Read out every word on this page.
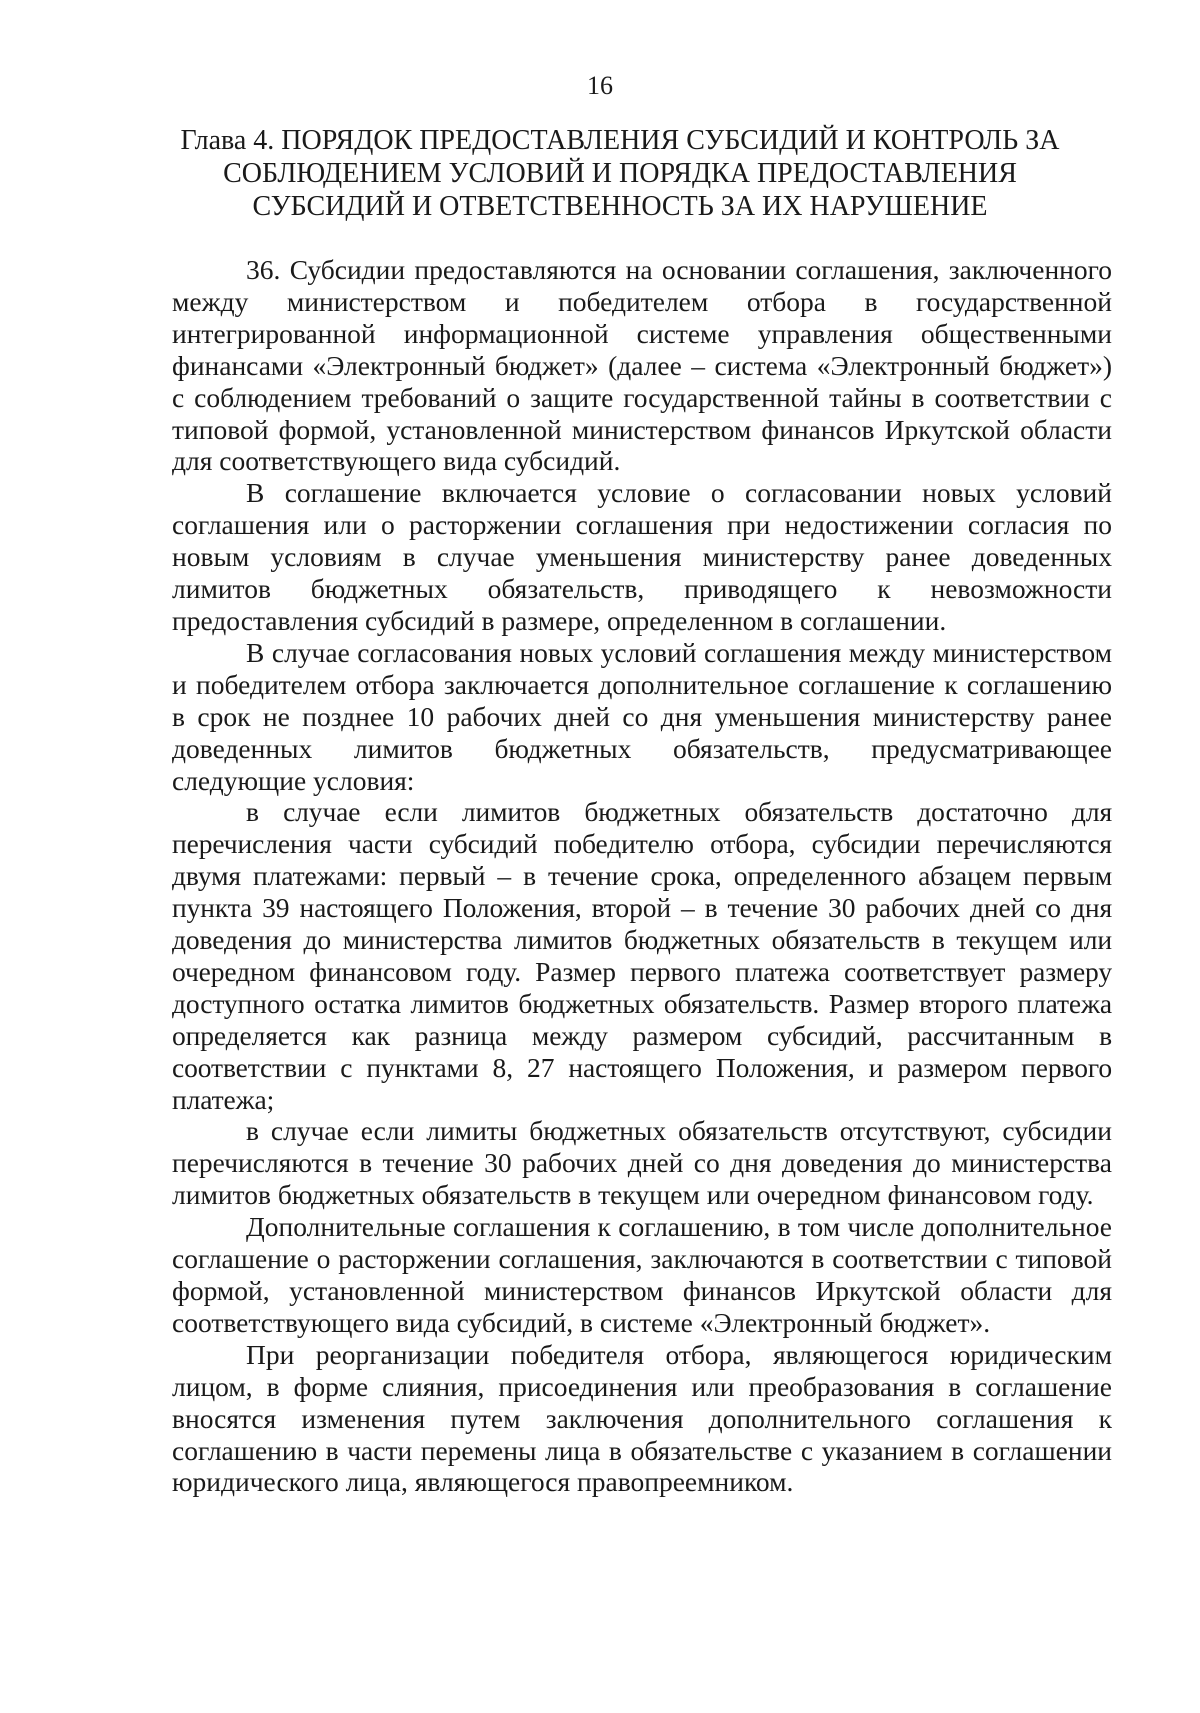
16
Глава 4. ПОРЯДОК ПРЕДОСТАВЛЕНИЯ СУБСИДИЙ И КОНТРОЛЬ ЗА
СОБЛЮДЕНИЕМ УСЛОВИЙ И ПОРЯДКА ПРЕДОСТАВЛЕНИЯ
СУБСИДИЙ И ОТВЕТСТВЕННОСТЬ ЗА ИХ НАРУШЕНИЕ

36. Субсидии предоставляются на основании соглашения, заключенного между министерством и победителем отбора в государственной интегрированной информационной системе управления общественными финансами «Электронный бюджет» (далее – система «Электронный бюджет») с соблюдением требований о защите государственной тайны в соответствии с типовой формой, установленной министерством финансов Иркутской области для соответствующего вида субсидий.

В соглашение включается условие о согласовании новых условий соглашения или о расторжении соглашения при недостижении согласия по новым условиям в случае уменьшения министерству ранее доведенных лимитов бюджетных обязательств, приводящего к невозможности предоставления субсидий в размере, определенном в соглашении.

В случае согласования новых условий соглашения между министерством и победителем отбора заключается дополнительное соглашение к соглашению в срок не позднее 10 рабочих дней со дня уменьшения министерству ранее доведенных лимитов бюджетных обязательств, предусматривающее следующие условия:

в случае если лимитов бюджетных обязательств достаточно для перечисления части субсидий победителю отбора, субсидии перечисляются двумя платежами: первый – в течение срока, определенного абзацем первым пункта 39 настоящего Положения, второй – в течение 30 рабочих дней со дня доведения до министерства лимитов бюджетных обязательств в текущем или очередном финансовом году. Размер первого платежа соответствует размеру доступного остатка лимитов бюджетных обязательств. Размер второго платежа определяется как разница между размером субсидий, рассчитанным в соответствии с пунктами 8, 27 настоящего Положения, и размером первого платежа;

в случае если лимиты бюджетных обязательств отсутствуют, субсидии перечисляются в течение 30 рабочих дней со дня доведения до министерства лимитов бюджетных обязательств в текущем или очередном финансовом году.

Дополнительные соглашения к соглашению, в том числе дополнительное соглашение о расторжении соглашения, заключаются в соответствии с типовой формой, установленной министерством финансов Иркутской области для соответствующего вида субсидий, в системе «Электронный бюджет».

При реорганизации победителя отбора, являющегося юридическим лицом, в форме слияния, присоединения или преобразования в соглашение вносятся изменения путем заключения дополнительного соглашения к соглашению в части перемены лица в обязательстве с указанием в соглашении юридического лица, являющегося правопреемником.
